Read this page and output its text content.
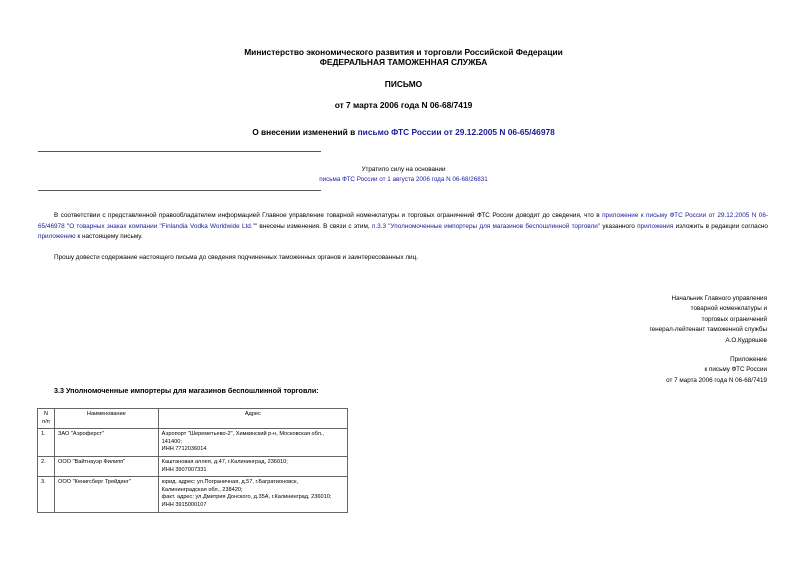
Министерство экономического развития и торговли Российской Федерации
ФЕДЕРАЛЬНАЯ ТАМОЖЕННАЯ СЛУЖБА
ПИСЬМО
от 7 марта 2006 года N 06-68/7419
О внесении изменений в письмо ФТС России от 29.12.2005 N 06-65/46978
Утратило силу на основании
письма ФТС России от 1 августа 2006 года N 06-68/26831
В соответствии с представленной правообладателем информацией Главное управление товарной номенклатуры и торговых ограничений ФТС России доводит до сведения, что в приложение к письму ФТС России от 29.12.2005 N 06-65/46978 "О товарных знаках компании "Finlandia Vodka Worldwide Ltd."" внесены изменения. В связи с этим, п.3.3 "Уполномоченные импортеры для магазинов беспошлинной торговли" указанного приложения изложить в редакции согласно приложению к настоящему письму.
Прошу довести содержание настоящего письма до сведения подчиненных таможенных органов и заинтересованных лиц.
Начальник Главного управления
товарной номенклатуры и
торговых ограничений
генерал-лейтенант таможенной службы
А.О.Кудряшев
Приложение
к письму ФТС России
от 7 марта 2006 года N 06-68/7419
3.3 Уполномоченные импортеры для магазинов беспошлинной торговли:
N п/п	Наименование	Адрес
1.	ЗАО "Аэроферст"	Аэропорт "Шереметьево-2", Химкинский р-н, Московская обл., 141400;
ИНН 7712036014

2.	ООО "Вайтнауэр Филипп"	Каштановая аллея, д.47, г.Калининград, 236010;
ИНН 3907007331

3.	ООО "Кенигсберг Трейдинг"	юрид. адрес: ул.Пограничная, д.57, г.Багратионовск, Калининградская обл., 238420;
факт. адрес: ул.Дмитрия Донского, д.35А, г.Калининград, 236010;
ИНН 3915000107
